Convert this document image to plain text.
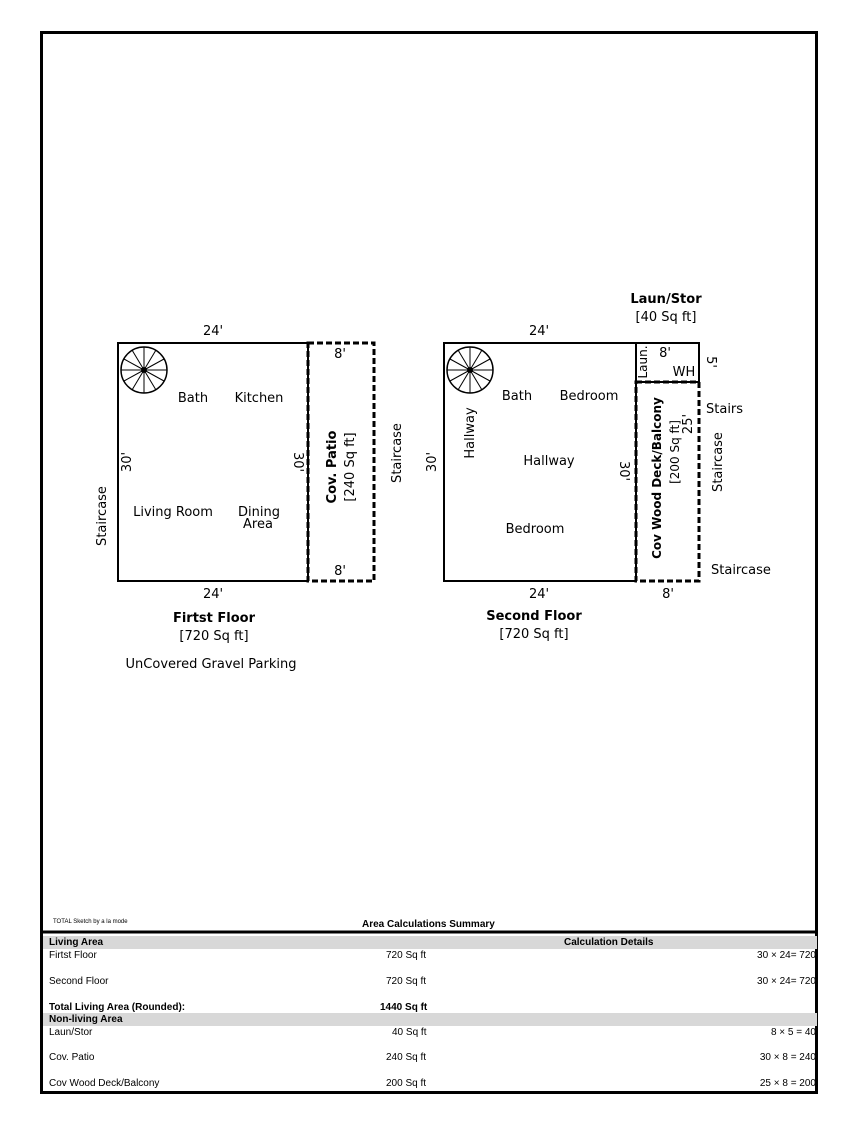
24'
24'
30'	30'
Staircase
Bath Kitchen
Living Room Dining
Area
8'
8'
Cov. Patio [240 Sq ft] Staircase
Firtst Floor
[720 Sq ft]
UnCovered Gravel Parking
Laun/Stor
[40 Sq ft]
24'
24'
30'	30'
Hallway
Bath Bedroom
Hallway
Bedroom
Laun. 8'
WH
5'
Cov Wood Deck/Balcony [200 Sq ft] 25'
8'
Stairs
Staircase
Staircase
Second Floor
[720 Sq ft]
TOTAL Sketch by a la mode	Area Calculations Summary
Living Area	Calculation Details
Firtst Floor	720 Sq ft	30 × 24= 720
Second Floor	720 Sq ft	30 × 24= 720
Total Living Area (Rounded):	1440 Sq ft
Non-living Area
Laun/Stor	40 Sq ft	8 × 5 = 40
Cov. Patio	240 Sq ft	30 × 8 = 240
Cov Wood Deck/Balcony	200 Sq ft	25 × 8 = 200
